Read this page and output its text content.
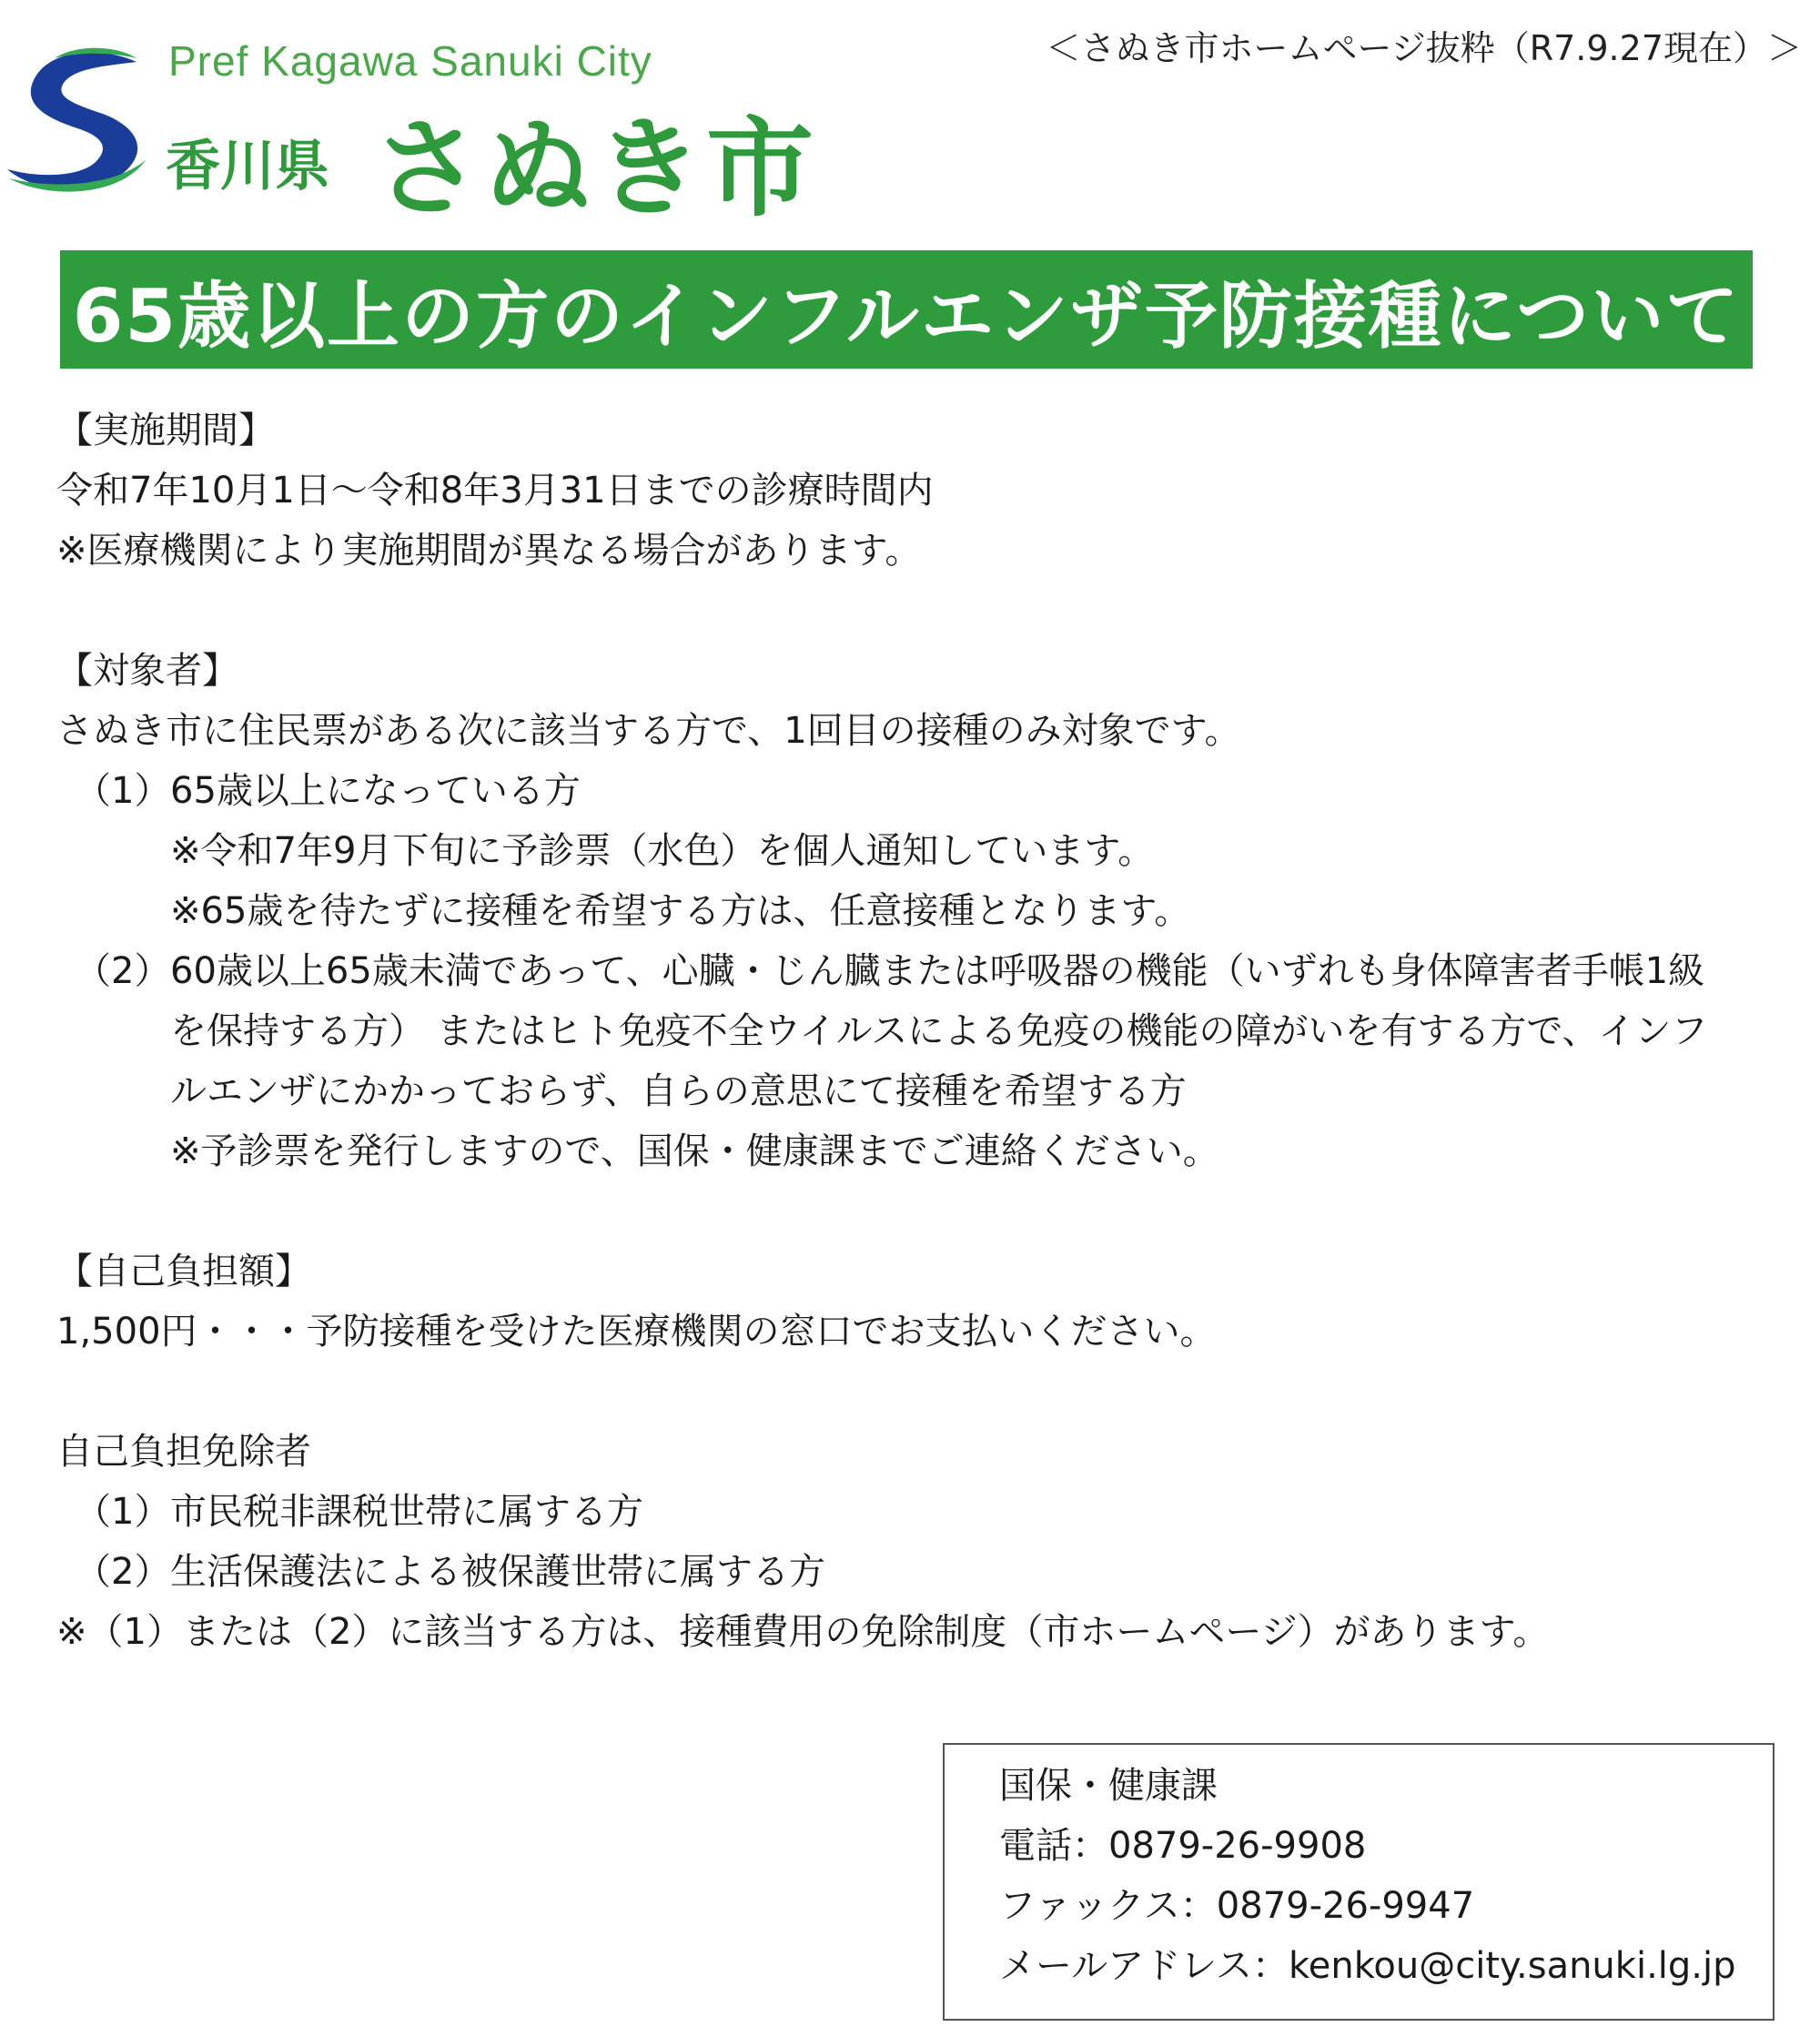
＜さぬき市ホームページ抜粋（R7.9.27現在）＞
Pref Kagawa Sanuki City
香川県 さぬき市
65歳以上の方のインフルエンザ予防接種について
【実施期間】
令和7年10月1日～令和8年3月31日までの診療時間内
※医療機関により実施期間が異なる場合があります。
【対象者】
さぬき市に住民票がある次に該当する方で、1回目の接種のみ対象です。
（1） 65歳以上になっている方
※令和7年9月下旬に予診票（水色）を個人通知しています。
※65歳を待たずに接種を希望する方は、任意接種となります。
（2） 60歳以上65歳未満であって、心臓・じん臓または呼吸器の機能（いずれも身体障害者手帳1級を保持する方） またはヒト免疫不全ウイルスによる免疫の機能の障がいを有する方で、インフルエンザにかかっておらず、自らの意思にて接種を希望する方
※予診票を発行しますので、国保・健康課までご連絡ください。
【自己負担額】
1,500円・・・予防接種を受けた医療機関の窓口でお支払いください。
自己負担免除者
（1） 市民税非課税世帯に属する方
（2） 生活保護法による被保護世帯に属する方
※（1）または（2）に該当する方は、接種費用の免除制度（市ホームページ）があります。
国保・健康課
電話：0879-26-9908
ファックス：0879-26-9947
メールアドレス：kenkou@city.sanuki.lg.jp
